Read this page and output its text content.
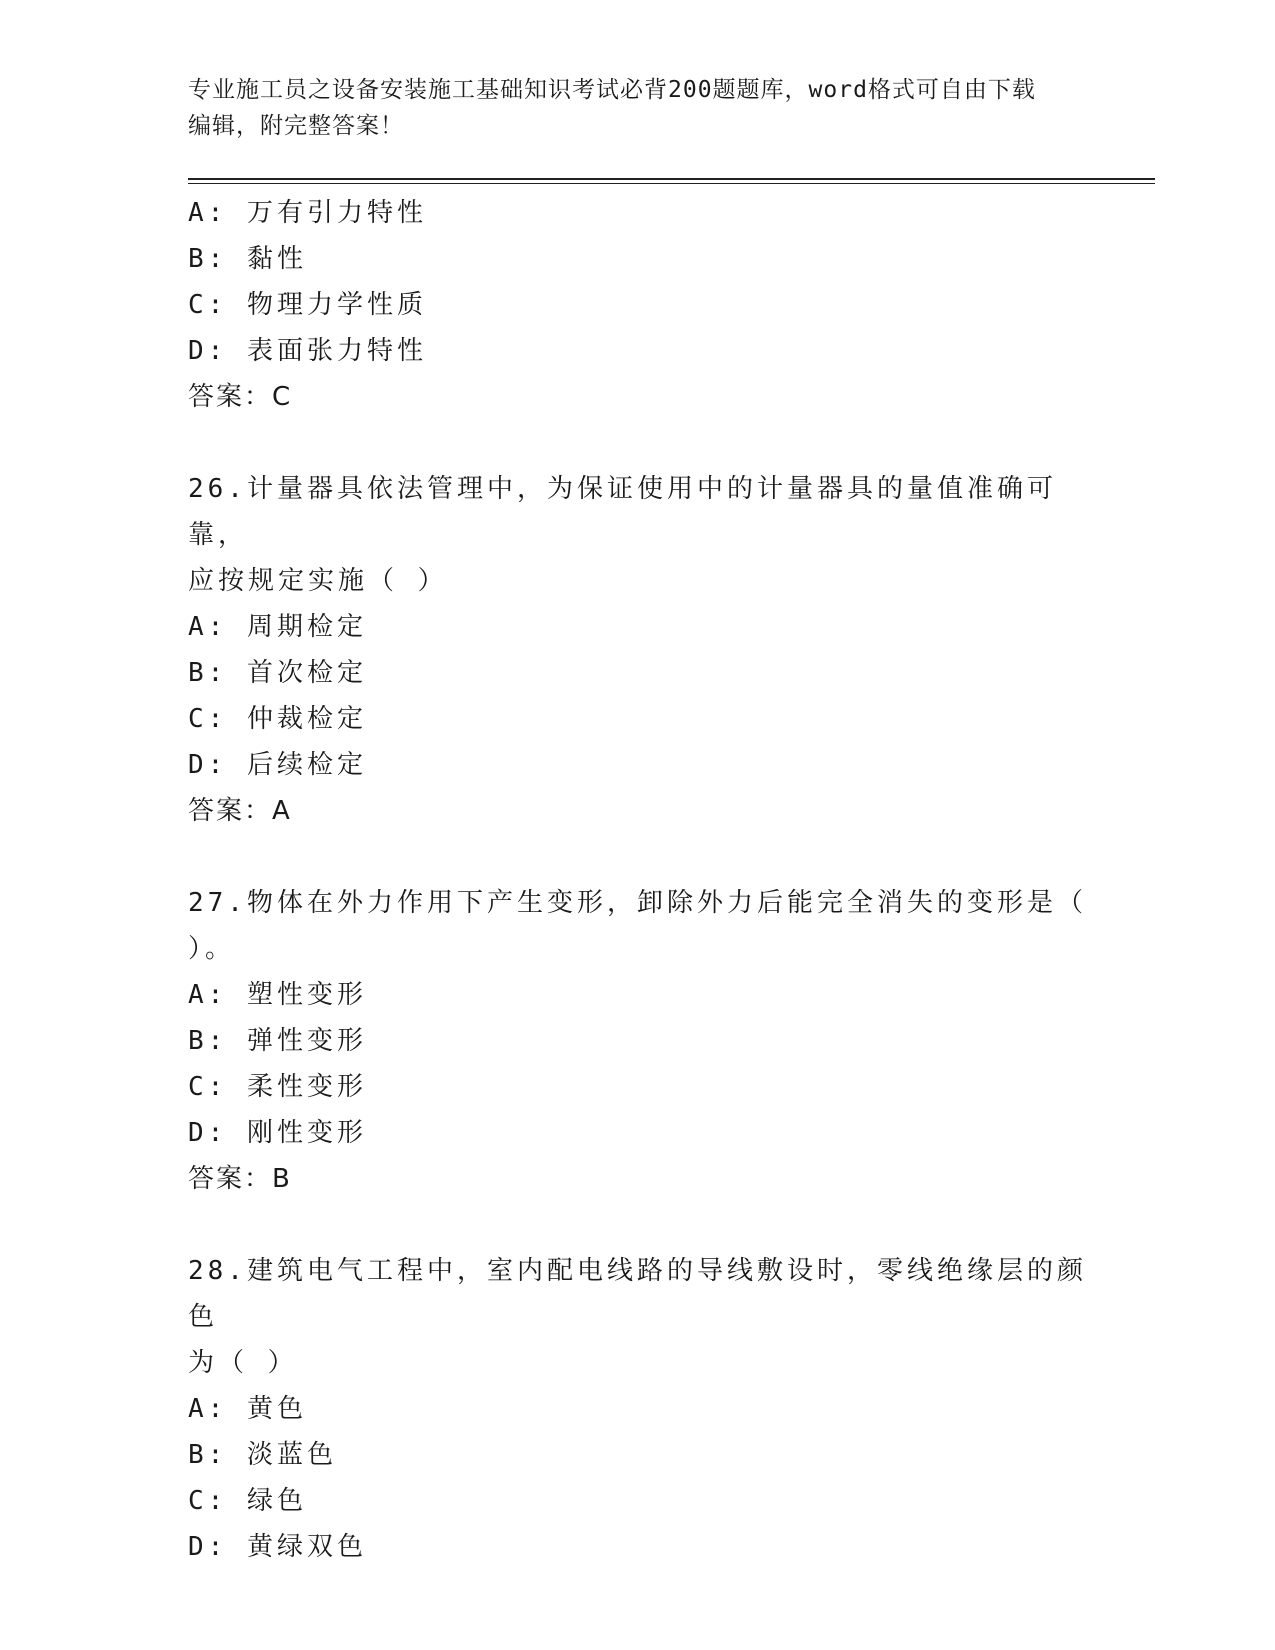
专业施工员之设备安装施工基础知识考试必背200题题库，word格式可自由下载
编辑，附完整答案！
A: 万有引力特性
B: 黏性
C: 物理力学性质
D: 表面张力特性
答案：C
26.计量器具依法管理中，为保证使用中的计量器具的量值准确可靠，
应按规定实施（ ）
A: 周期检定
B: 首次检定
C: 仲裁检定
D: 后续检定
答案：A
27.物体在外力作用下产生变形，卸除外力后能完全消失的变形是（
）。
A: 塑性变形
B: 弹性变形
C: 柔性变形
D: 刚性变形
答案：B
28.建筑电气工程中，室内配电线路的导线敷设时，零线绝缘层的颜色
为（ ）
A: 黄色
B: 淡蓝色
C: 绿色
D: 黄绿双色
